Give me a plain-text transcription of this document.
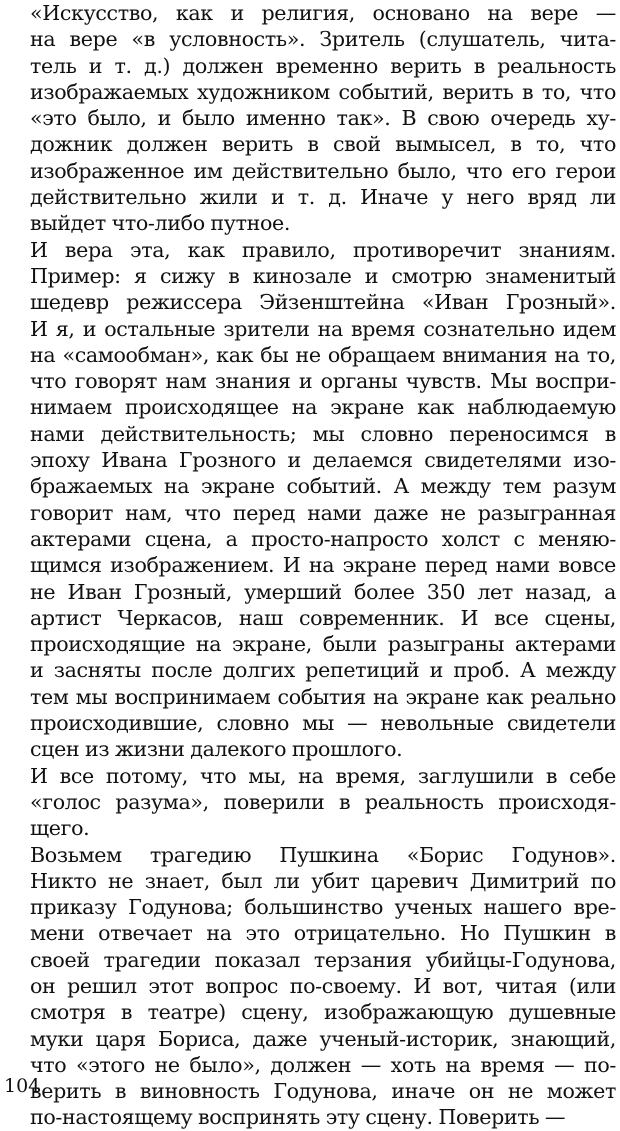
«Искусство, как и религия, основано на вере —
на вере «в условность». Зритель (слушатель, чита-
тель и т. д.) должен временно верить в реальность
изображаемых художником событий, верить в то, что
«это было, и было именно так». В свою очередь ху-
дожник должен верить в свой вымысел, в то, что
изображенное им действительно было, что его герои
действительно жили и т. д. Иначе у него вряд ли
выйдет что-либо путное.

И вера эта, как правило, противоречит знаниям.
Пример: я сижу в кинозале и смотрю знаменитый
шедевр режиссера Эйзенштейна «Иван Грозный».
И я, и остальные зрители на время сознательно идем
на «самообман», как бы не обращаем внимания на то,
что говорят нам знания и органы чувств. Мы воспри-
нимаем происходящее на экране как наблюдаемую
нами действительность; мы словно переносимся в
эпоху Ивана Грозного и делаемся свидетелями изо-
бражаемых на экране событий. А между тем разум
говорит нам, что перед нами даже не разыгранная
актерами сцена, а просто-напросто холст с меняю-
щимся изображением. И на экране перед нами вовсе
не Иван Грозный, умерший более 350 лет назад, а
артист Черкасов, наш современник. И все сцены,
происходящие на экране, были разыграны актерами
и засняты после долгих репетиций и проб. А между
тем мы воспринимаем события на экране как реально
происходившие, словно мы — невольные свидетели
сцен из жизни далекого прошлого.

И все потому, что мы, на время, заглушили в себе
«голос разума», поверили в реальность происходя-
щего.

Возьмем трагедию Пушкина «Борис Годунов».
Никто не знает, был ли убит царевич Димитрий по
приказу Годунова; большинство ученых нашего вре-
мени отвечает на это отрицательно. Но Пушкин в
своей трагедии показал терзания убийцы-Годунова,
он решил этот вопрос по-своему. И вот, читая (или
смотря в театре) сцену, изображающую душевные
муки царя Бориса, даже ученый-историк, знающий,
что «этого не было», должен — хоть на время — по-
верить в виновность Годунова, иначе он не может
по-настоящему воспринять эту сцену. Поверить —

104
